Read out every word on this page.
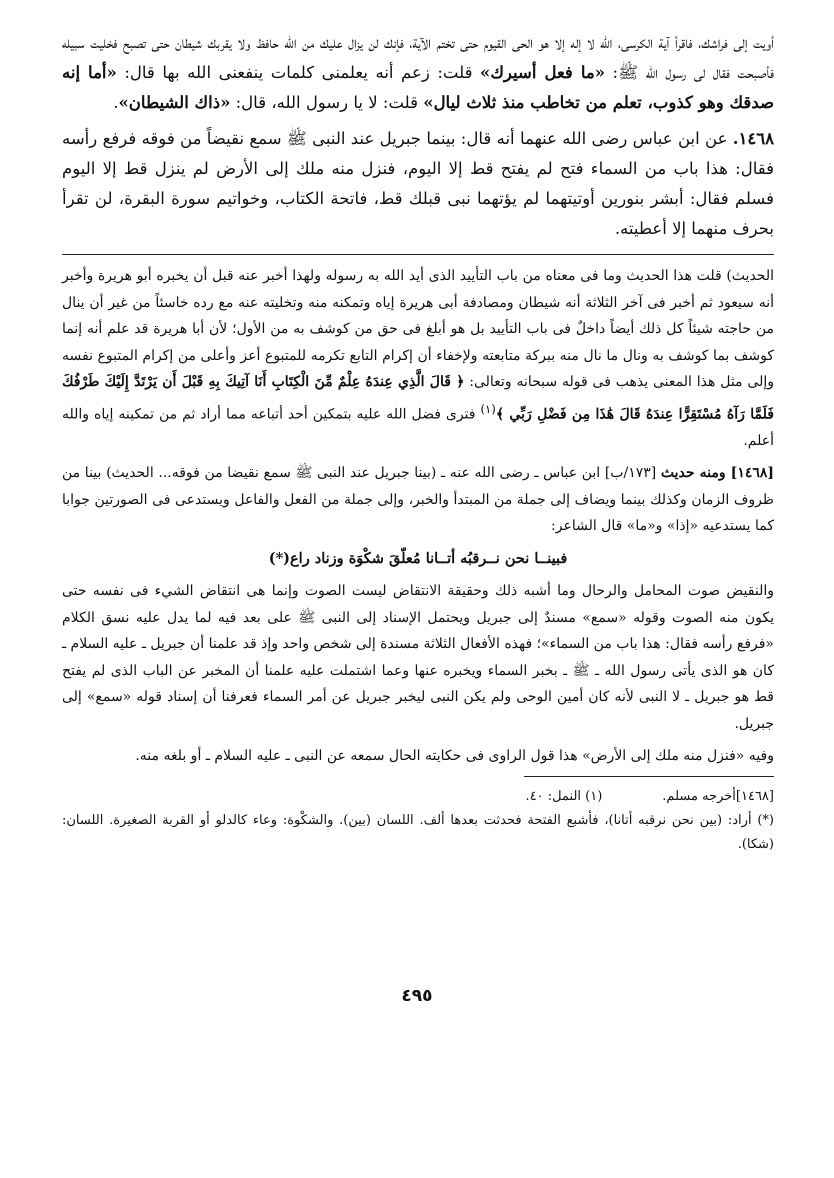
أويت إلى فراشك، فاقرأ آية الكرسى، الله لا إله إلا هو الحى القيوم حتى تختم الآية، فإنك لن يزال عليك من الله حافظ ولا يقربك شيطان حتى تصبح فخليت سبيله فأصبحت فقال لى رسول الله ﷺ: «ما فعل أسيرك» قلت: زعم أنه يعلمنى كلمات ينفعنى الله بها قال: «أما إنه صدقك وهو كذوب، تعلم من تخاطب منذ ثلاث ليال» قلت: لا يا رسول الله، قال: «ذاك الشيطان».

١٤٦٨. عن ابن عباس رضى الله عنهما أنه قال: بينما جبريل عند النبى ﷺ سمع نقيضاً من فوقه فرفع رأسه فقال: هذا باب من السماء فتح لم يفتح قط إلا اليوم، فنزل منه ملك إلى الأرض لم ينزل قط إلا اليوم فسلم فقال: أبشر بنورين أوتيتهما لم يؤتهما نبى قبلك قط، فاتحة الكتاب، وخواتيم سورة البقرة، لن تقرأ بحرف منهما إلا أعطيته.

الحديث) قلت هذا الحديث وما فى معناه من باب التأييد الذى أيد الله به رسوله ولهذا أخبر عنه قبل أن يخبره أبو هريرة وأخبر أنه سيعود ثم أخبر فى آخر الثلاثة أنه شيطان ومصادفة أبى هريرة إياه وتمكنه منه وتخليته عنه مع رده خاسئاً من غير أن ينال من حاجته شيئاً كل ذلك أيضاً داخلٌ فى باب التأييد بل هو أبلغ فى حق من كوشف به من الأول؛ لأن أبا هريرة قد علم أنه إنما كوشف بما كوشف به ونال ما نال منه ببركة متابعته ولإخفاء أن إكرام التابع تكرمه للمتبوع أعز وأعلى من إكرام المتبوع نفسه وإلى مثل هذا المعنى يذهب فى قوله سبحانه وتعالى: ﴿ قَالَ الَّذِي عِندَهُ عِلْمٌ مِّنَ الْكِتَابِ أَنَا آتِيكَ بِهِ قَبْلَ أَن يَرْتَدَّ إِلَيْكَ طَرْفُكَ فَلَمَّا رَآهُ مُسْتَقِرًّا عِندَهُ قَالَ هَٰذَا مِن فَضْلِ رَبِّي ﴾$^{(١)}$ فترى فضل الله عليه بتمكين أحد أتباعه مما أراد ثم من تمكينه إياه والله أعلم.

[١٤٦٨] ومنه حديث [١٧٣/ب] ابن عباس ـ رضى الله عنه ـ (بينا جبريل عند النبى ﷺ سمع نقيضا من فوقه... الحديث) بينا من ظروف الزمان وكذلك بينما ويضاف إلى جملة من المبتدأ والخبر، وإلى جملة من الفعل والفاعل ويستدعى فى الصورتين جوابا كما يستدعيه «إذا» و«ما» قال الشاعر:

فبينــا نحن نــرقبُه أتــانا مُعلّقَ شكْوَة وزناد راع(*)

والنقيض صوت المحامل والرحال وما أشبه ذلك وحقيقة الانتقاض ليست الصوت وإنما هى انتقاض الشيء فى نفسه حتى يكون منه الصوت وقوله «سمع» مسندٌ إلى جبريل ويحتمل الإسناد إلى النبى ﷺ على بعد فيه لما يدل عليه نسق الكلام «فرفع رأسه فقال: هذا باب من السماء»؛ فهذه الأفعال الثلاثة مسندة إلى شخص واحد وإذ قد علمنا أن جبريل ـ عليه السلام ـ كان هو الذى يأتى رسول الله ـ ﷺ ـ بخبر السماء ويخبره عنها وعما اشتملت عليه علمنا أن المخبر عن الباب الذى لم يفتح قط هو جبريل ـ لا النبى لأنه كان أمين الوحى ولم يكن النبى ليخبر جبريل عن أمر السماء فعرفنا أن إسناد قوله «سمع» إلى جبريل.

وفيه «فنزل منه ملك إلى الأرض» هذا قول الراوى فى حكايته الحال سمعه عن النبى ـ عليه السلام ـ أو بلغه منه.

[١٤٦٨]أخرجه مسلم.
(١) النمل: ٤٠.

(*) أراد: (بين نحن نرقبه أتانا)، فأشبع الفتحة فحدثت بعدها ألف. اللسان (بين). والشكْوة: وعاء كالدلو أو القربة الصغيرة. اللسان: (شكا).

٤٩٥
